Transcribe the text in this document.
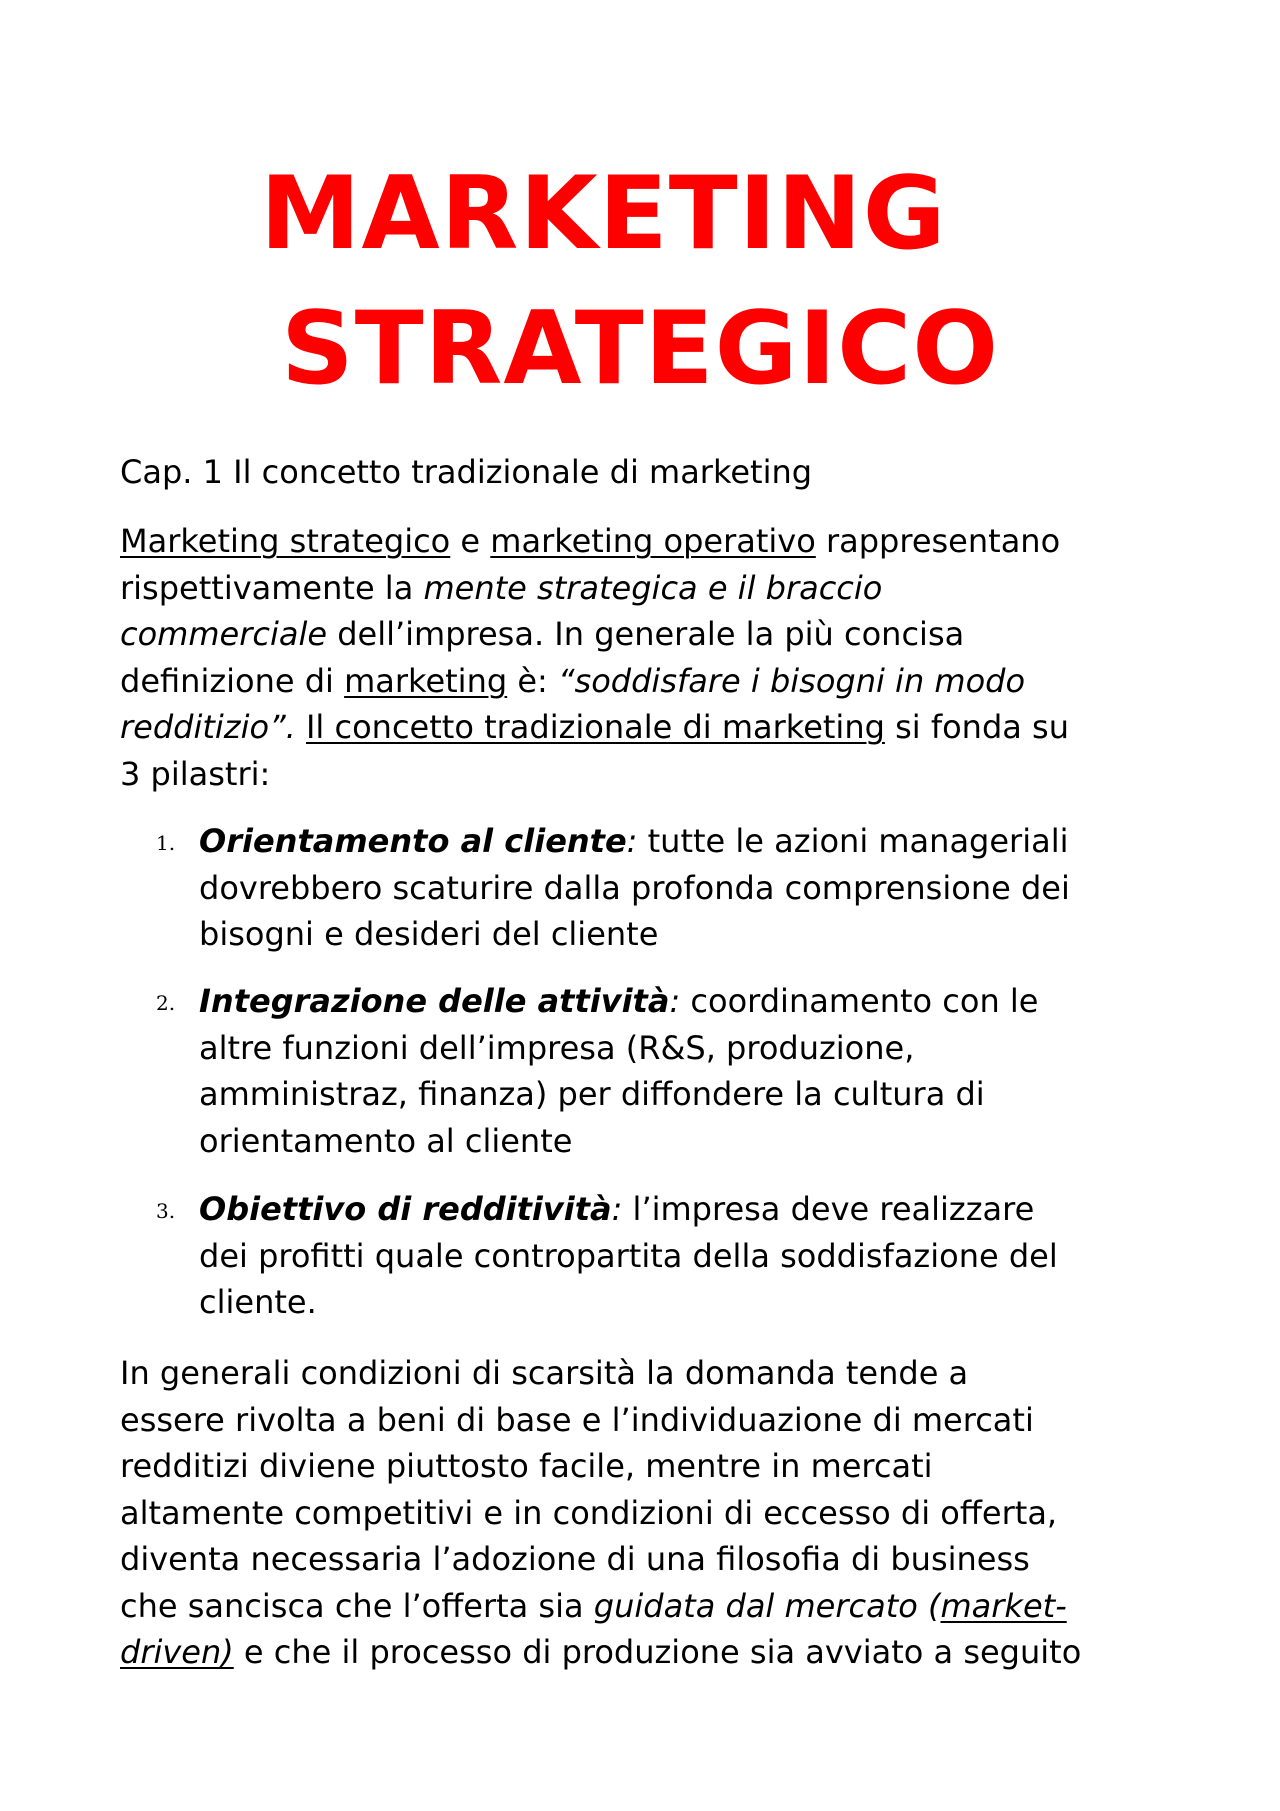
MARKETING
STRATEGICO
Cap. 1 Il concetto tradizionale di marketing
Marketing strategico e marketing operativo rappresentano
rispettivamente la mente strategica e il braccio
commerciale dell’impresa. In generale la più concisa
definizione di marketing è: “soddisfare i bisogni in modo
redditizio”. Il concetto tradizionale di marketing si fonda su
3 pilastri:
1. Orientamento al cliente: tutte le azioni manageriali
dovrebbero scaturire dalla profonda comprensione dei
bisogni e desideri del cliente
2. Integrazione delle attività: coordinamento con le
altre funzioni dell’impresa (R&S, produzione,
amministraz, finanza) per diffondere la cultura di
orientamento al cliente
3. Obiettivo di redditività: l’impresa deve realizzare
dei profitti quale contropartita della soddisfazione del
cliente.
In generali condizioni di scarsità la domanda tende a
essere rivolta a beni di base e l’individuazione di mercati
redditizi diviene piuttosto facile, mentre in mercati
altamente competitivi e in condizioni di eccesso di offerta,
diventa necessaria l’adozione di una filosofia di business
che sancisca che l’offerta sia guidata dal mercato (market-
driven) e che il processo di produzione sia avviato a seguito
